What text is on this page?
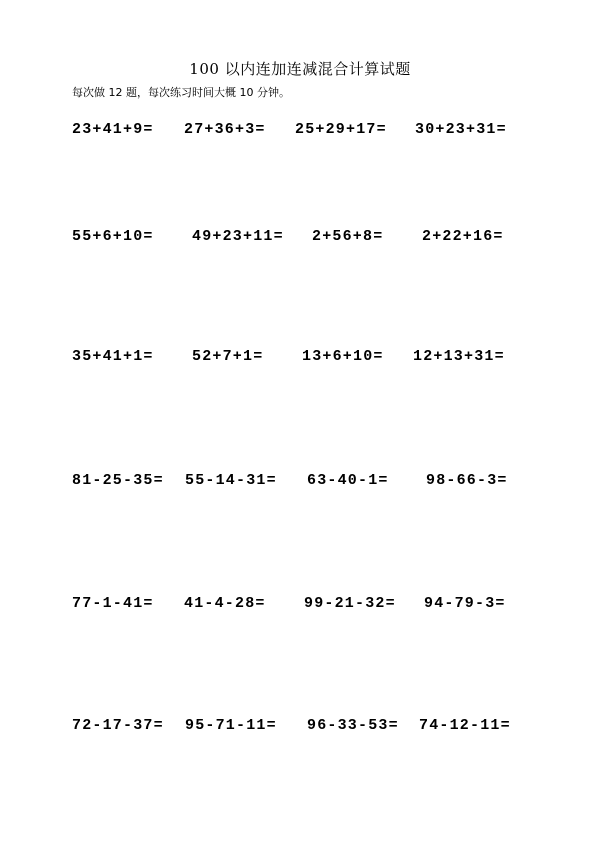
100 以内连加连减混合计算试题
每次做 12 题，每次练习时间大概 10 分钟。
23+41+9= 27+36+3= 25+29+17= 30+23+31=
55+6+10=	49+23+11= 2+56+8=	2+22+16=
35+41+1=	52+7+1=	13+6+10= 12+13+31=
81-25-35= 55-14-31= 63-40-1= 98-66-3=
77-1-41= 41-4-28=	99-21-32= 94-79-3=
72-17-37= 95-71-11= 96-33-53= 74-12-11=
